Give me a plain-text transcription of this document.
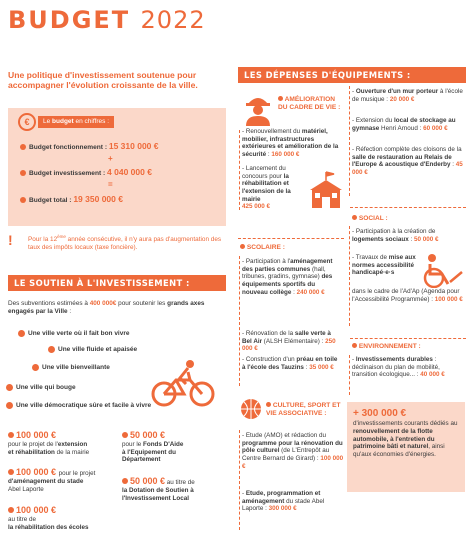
BUDGET 2022
Une politique d'investissement soutenue pour accompagner l'évolution croissante de la ville.
€	Le budget en chiffres :
Budget fonctionnement : 15 310 000 €
+
Budget investissement : 4 040 000 €
=
Budget total : 19 350 000 €
! Pour la 12ème année consécutive, il n'y aura pas d'augmentation des taux des impôts locaux (taxe foncière).
LE SOUTIEN À L'INVESTISSEMENT :
Des subventions estimées à 400 000€ pour soutenir les grands axes engagés par la Ville :
Une ville verte où il fait bon vivre
Une ville fluide et apaisée
Une ville bienveillante
Une ville qui bouge
Une ville démocratique sûre et facile à vivre
100 000 €
pour le projet de l'extension
et réhabilitation de la mairie
100 000 € pour le projet
d'aménagement du stade
Abel Laporte
100 000 €
au titre de
la réhabilitation des écoles
50 000 €
pour le Fonds D'Aide
à l'Equipement du
Département
50 000 € au titre de
la Dotation de Soutien à
l'Investissement Local
LES DÉPENSES D'ÉQUIPEMENTS :
AMÉLIORATION DU CADRE DE VIE :
- Renouvellement du matériel, mobilier, infrastructures extérieures et amélioration de la sécurité : 160 000 €
- Lancement du concours pour la réhabilitation et l'extension de la mairie
425 000 €
SCOLAIRE :
- Participation à l'aménagement des parties communes (hall, tribunes, gradins, gymnase) des équipements sportifs du nouveau collège : 240 000 €
- Rénovation de la salle verte à Bel Air (ALSH Elémentaire) : 250 000 €
- Construction d'un préau en toile à l'école des Tauzins : 35 000 €
CULTURE, SPORT ET VIE ASSOCIATIVE :
- Etude (AMO) et rédaction du programme pour la rénovation du pôle culturel (de L'Entrepôt au Centre Bernard de Girard) : 100 000 €
- Etude, programmation et aménagement du stade Abel Laporte : 300 000 €
- Ouverture d'un mur porteur à l'école de musique : 20 000 €
- Extension du local de stockage au gymnase Henri Arnoud : 60 000 €
- Réfection complète des cloisons de la salle de restauration au Relais de l'Europe & acoustique d'Enderby : 45 000 €
SOCIAL :
- Participation à la création de logements sociaux : 50 000 €
- Travaux de mise aux normes accessibilité handicapé·e·s
dans le cadre de l'Ad'Ap (Agenda pour l'Accessibilité Programmée) : 100 000 €
ENVIRONNEMENT :
- Investissements durables : déclinaison du plan de mobilité, transition écologique... : 40 000 €
+ 300 000 €
d'investissements courants dédiés au renouvellement de la flotte automobile, à l'entretien du patrimoine bâti et naturel, ainsi qu'aux économies d'énergies.
